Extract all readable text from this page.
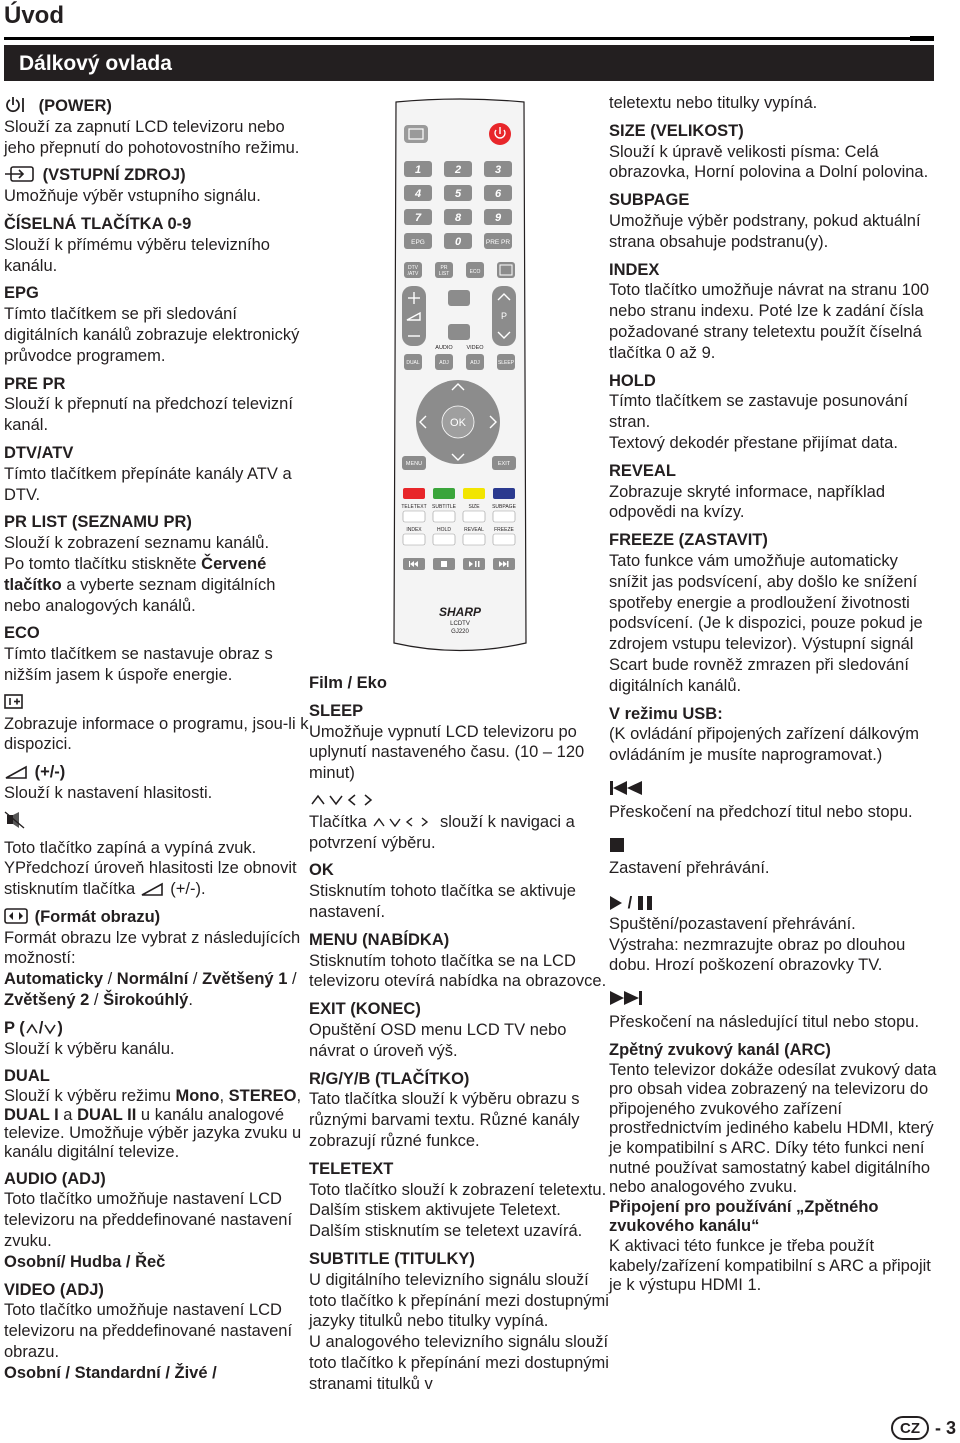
Úvod
Dálkový ovlada
(POWER)
Slouží za zapnutí LCD televizoru nebo jeho přepnutí do pohotovostního režimu.
(VSTUPNÍ ZDROJ)
Umožňuje výběr vstupního signálu.
ČÍSELNÁ TLAČÍTKA 0-9
Slouží k přímému výběru televizního kanálu.
EPG
Tímto tlačítkem se při sledování digitálních kanálů zobrazuje elektronický průvodce programem.
PRE PR
Slouží k přepnutí na předchozí televizní kanál.
DTV/ATV
Tímto tlačítkem přepínáte kanály ATV a DTV.
PR LIST (SEZNAMU PR)
Slouží k zobrazení seznamu kanálů.
Po tomto tlačítku stiskněte Červené tlačítko a vyberte seznam digitálních nebo analogových kanálů.
ECO
Tímto tlačítkem se nastavuje obraz s nižším jasem k úspoře energie.
Zobrazuje informace o programu, jsou-li k dispozici.
(+/-)
Slouží k nastavení hlasitosti.
Toto tlačítko zapíná a vypíná zvuk.
YPředchozí úroveň hlasitosti lze obnovit stisknutím tlačítka  (+/-).
(Formát obrazu)
Formát obrazu lze vybrat z následujících možností:
Automaticky / Normální / Zvětšený 1 / Zvětšený 2 / Širokoúhlý.
P ( / )
Slouží k výběru kanálu.
DUAL
Slouží k výběru režimu Mono, STEREO, DUAL I a DUAL II u kanálu analogové televize. Umožňuje výběr jazyka zvuku u kanálu digitální televize.
AUDIO (ADJ)
Toto tlačítko umožňuje nastavení LCD televizoru na předdefinované nastavení zvuku.
Osobní/ Hudba / Řeč
VIDEO (ADJ)
Toto tlačítko umožňuje nastavení LCD televizoru na předdefinované nastavení obrazu.
Osobní / Standardní / Živé /
1	2	3
4	5	6
7	8	9
0
EPG	PRE PR
DTV
/ATV
PR
LIST	ECO
P
AUDIO VIDEO
DUAL	ADJ	ADJ	SLEEP
OK
MENU	EXIT
TELETEXT SUBTITLE SIZE	SUBPAGE
INDEX	HOLD	REVEAL FREEZE
SHARP
LCDTV
GJ220
Film / Eko
SLEEP
Umožňuje vypnutí LCD televizoru po uplynutí nastaveného času. (10 – 120 minut)
Tlačítka	slouží k navigaci a potvrzení výběru.
OK
Stisknutím tohoto tlačítka se aktivuje nastavení.
MENU (NABÍDKA)
Stisknutím tohoto tlačítka se na LCD televizoru otevírá nabídka na obrazovce.
EXIT (KONEC)
Opuštění OSD menu LCD TV nebo návrat o úroveň výš.
R/G/Y/B (TLAČÍTKO)
Tato tlačítka slouží k výběru obrazu s různými barvami textu. Různé kanály zobrazují různé funkce.
TELETEXT
Toto tlačítko slouží k zobrazení teletextu.
Dalším stiskem aktivujete Teletext.
Dalším stisknutím se teletext uzavírá.
SUBTITLE (TITULKY)
U digitálního televizního signálu slouží toto tlačítko k přepínání mezi dostupnými jazyky titulků nebo titulky vypíná.
U analogového televizního signálu slouží toto tlačítko k přepínání mezi dostupnými stranami titulků v
teletextu nebo titulky vypíná.
SIZE (VELIKOST)
Slouží k úpravě velikosti písma: Celá obrazovka, Horní polovina a Dolní polovina.
SUBPAGE
Umožňuje výběr podstrany, pokud aktuální strana obsahuje podstranu(y).
INDEX
Toto tlačítko umožňuje návrat na stranu 100 nebo stranu indexu. Poté lze k zadání čísla požadované strany teletextu použít číselná tlačítka 0 až 9.
HOLD
Tímto tlačítkem se zastavuje posunování stran.
Textový dekodér přestane přijímat data.
REVEAL
Zobrazuje skryté informace, například odpovědi na kvízy.
FREEZE (ZASTAVIT)
Tato funkce vám umožňuje automaticky snížit jas podsvícení, aby došlo ke snížení spotřeby energie a prodloužení životnosti podsvícení. (Je k dispozici, pouze pokud je zdrojem vstupu televizor). Výstupní signál Scart bude rovněž zmrazen při sledování digitálních kanálů.
V režimu USB:
(K ovládání připojených zařízení dálkovým ovládáním je musíte naprogramovat.)
Přeskočení na předchozí titul nebo stopu.
Zastavení přehrávání.
/
Spuštění/pozastavení přehrávání.
Výstraha: nezmrazujte obraz po dlouhou dobu. Hrozí poškození obrazovky TV.
Přeskočení na následující titul nebo stopu.
Zpětný zvukový kanál (ARC)
Tento televizor dokáže odesílat zvukový data pro obsah videa zobrazený na televizoru do připojeného zvukového zařízení prostřednictvím jediného kabelu HDMI, který je kompatibilní s ARC. Díky této funkci není nutné používat samostatný kabel digitálního nebo analogového zvuku.
Připojení pro používání „Zpětného zvukového kanálu“
K aktivaci této funkce je třeba použít kabely/zařízení kompatibilní s ARC a připojit je k výstupu HDMI 1.
CZ - 3
